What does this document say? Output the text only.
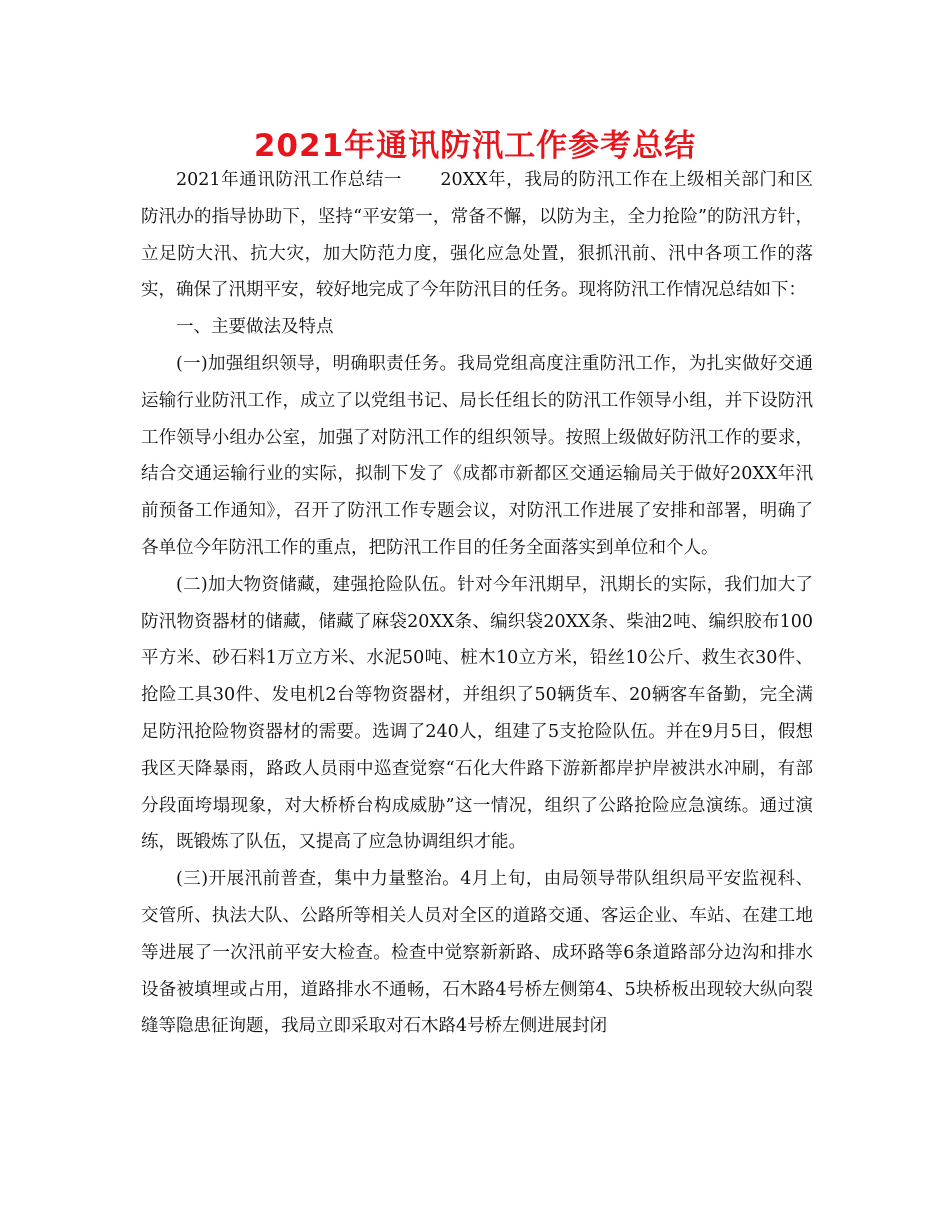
2021年通讯防汛工作参考总结

2021年通讯防汛工作总结一 20XX年，我局的防汛工作在上级相关部门和区防汛办的指导协助下，坚持“平安第一，常备不懈，以防为主，全力抢险”的防汛方针，立足防大汛、抗大灾，加大防范力度，强化应急处置，狠抓汛前、汛中各项工作的落实，确保了汛期平安，较好地完成了今年防汛目的任务。现将防汛工作情况总结如下：

一、主要做法及特点

(一)加强组织领导，明确职责任务。我局党组高度注重防汛工作，为扎实做好交通运输行业防汛工作，成立了以党组书记、局长任组长的防汛工作领导小组，并下设防汛工作领导小组办公室，加强了对防汛工作的组织领导。按照上级做好防汛工作的要求，结合交通运输行业的实际，拟制下发了《成都市新都区交通运输局关于做好20XX年汛前预备工作通知》，召开了防汛工作专题会议，对防汛工作进展了安排和部署，明确了各单位今年防汛工作的重点，把防汛工作目的任务全面落实到单位和个人。

(二)加大物资储藏，建强抢险队伍。针对今年汛期早，汛期长的实际，我们加大了防汛物资器材的储藏，储藏了麻袋20XX条、编织袋20XX条、柴油2吨、编织胶布100平方米、砂石料1万立方米、水泥50吨、桩木10立方米，铅丝10公斤、救生衣30件、抢险工具30件、发电机2台等物资器材，并组织了50辆货车、20辆客车备勤，完全满足防汛抢险物资器材的需要。选调了240人，组建了5支抢险队伍。并在9月5日，假想我区天降暴雨，路政人员雨中巡查觉察“石化大件路下游新都岸护岸被洪水冲刷，有部分段面垮塌现象，对大桥桥台构成威胁”这一情况，组织了公路抢险应急演练。通过演练，既锻炼了队伍，又提高了应急协调组织才能。

(三)开展汛前普查，集中力量整治。4月上旬，由局领导带队组织局平安监视科、交管所、执法大队、公路所等相关人员对全区的道路交通、客运企业、车站、在建工地等进展了一次汛前平安大检查。检查中觉察新新路、成环路等6条道路部分边沟和排水设备被填埋或占用，道路排水不通畅，石木路4号桥左侧第4、5块桥板出现较大纵向裂缝等隐患征询题，我局立即采取对石木路4号桥左侧进展封闭
